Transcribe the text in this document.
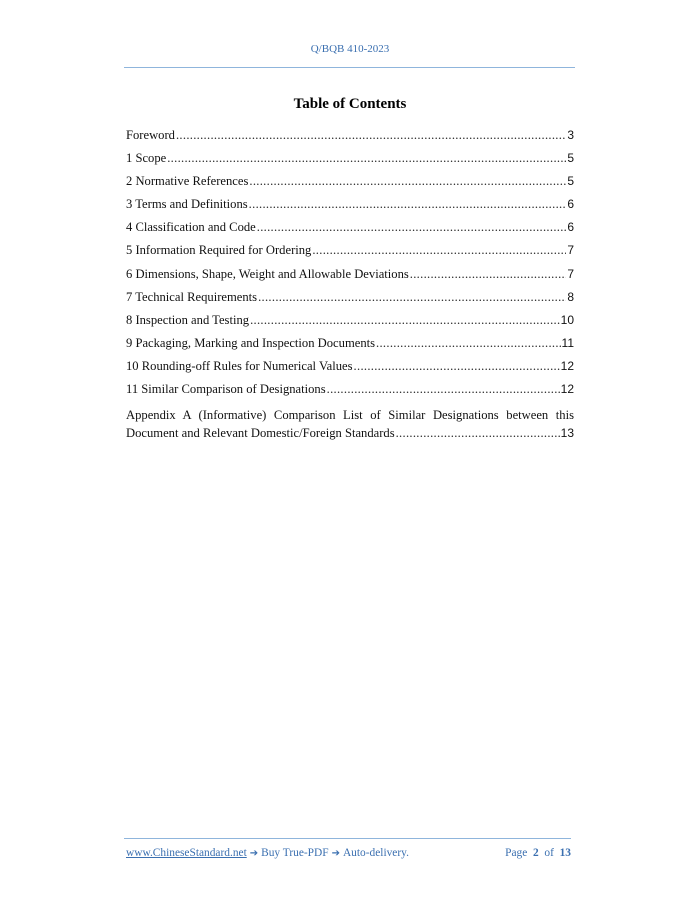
Q/BQB 410-2023
Table of Contents
Foreword .....	3
1 Scope .....	5
2 Normative References .....	5
3 Terms and Definitions .....	6
4 Classification and Code .....	6
5 Information Required for Ordering .....	7
6 Dimensions, Shape, Weight and Allowable Deviations .....	7
7 Technical Requirements .....	8
8 Inspection and Testing .....	10
9 Packaging, Marking and Inspection Documents .....	11
10 Rounding-off Rules for Numerical Values .....	12
11 Similar Comparison of Designations .....	12
Appendix A (Informative) Comparison List of Similar Designations between this
Document and Relevant Domestic/Foreign Standards .....	13
www.ChineseStandard.net ➔ Buy True-PDF ➔ Auto-delivery.	Page 2 of 13
